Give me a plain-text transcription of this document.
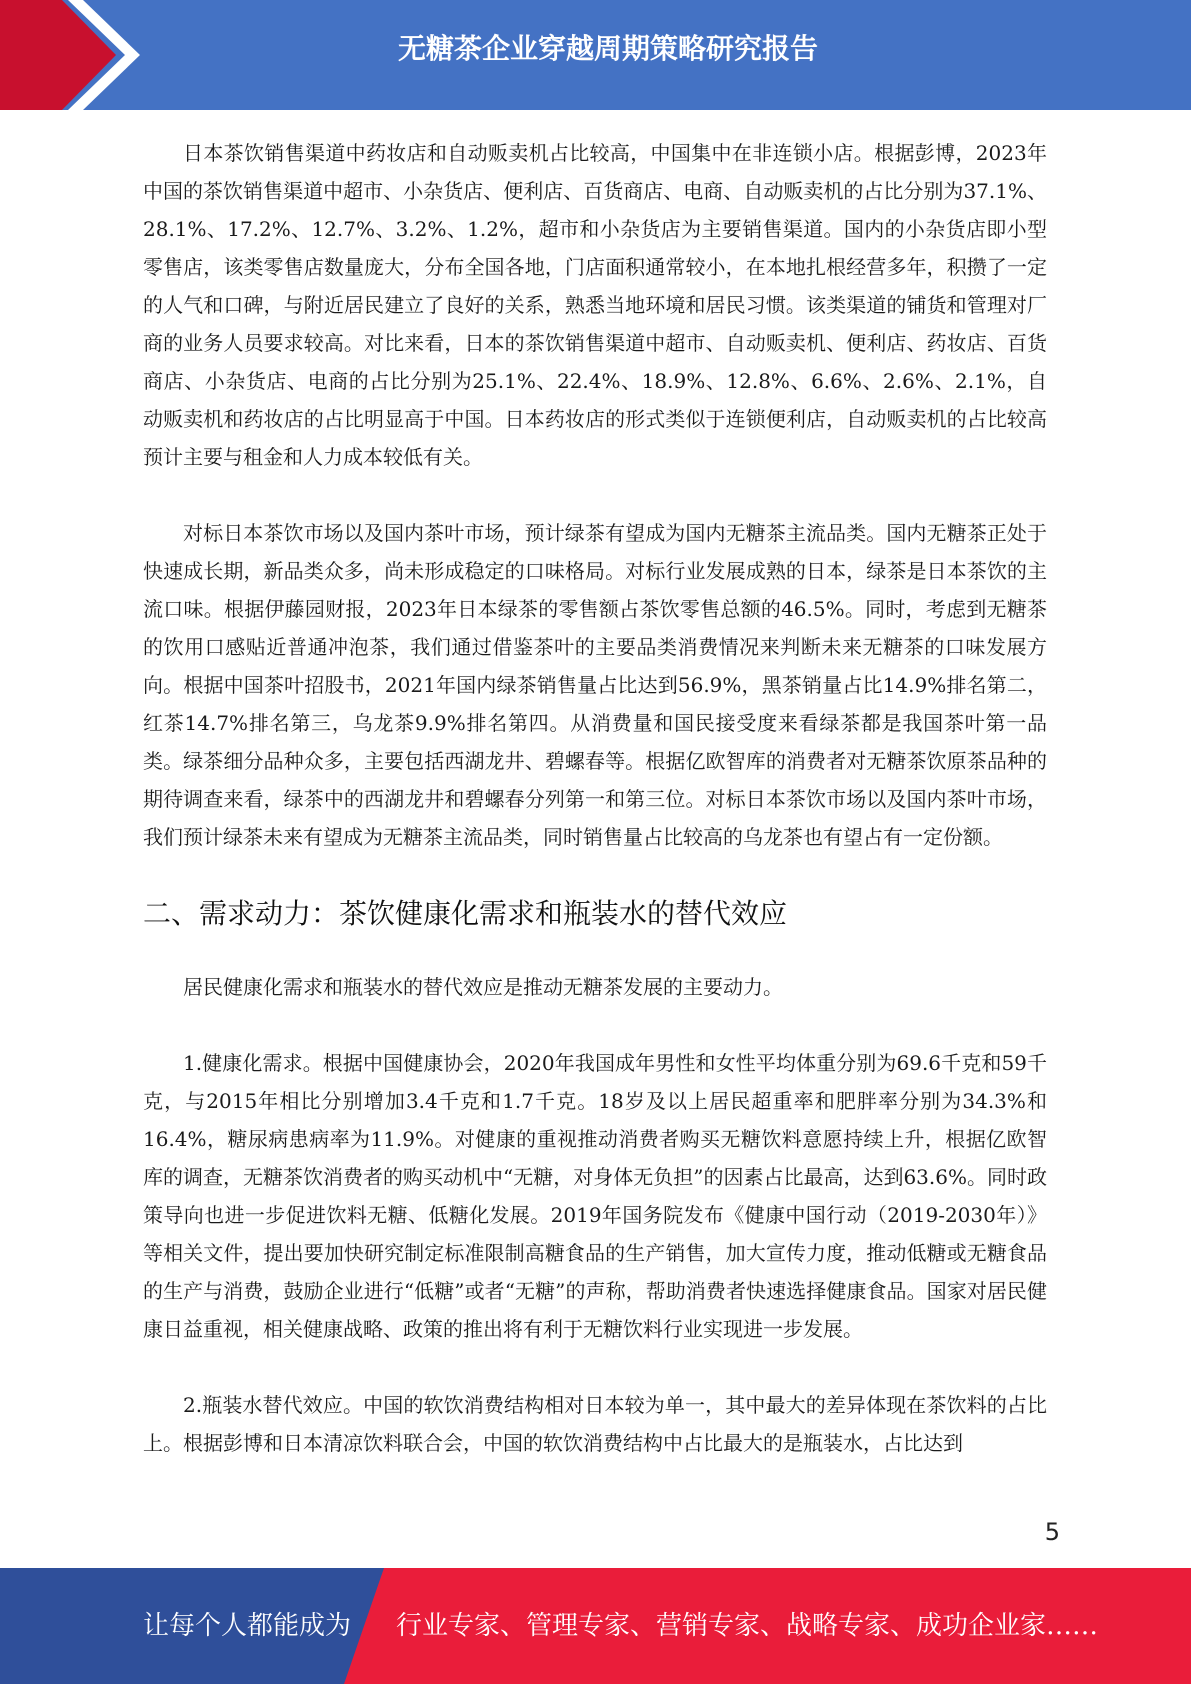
无糖茶企业穿越周期策略研究报告

日本茶饮销售渠道中药妆店和自动贩卖机占比较高，中国集中在非连锁小店。根据彭博，2023年中国的茶饮销售渠道中超市、小杂货店、便利店、百货商店、电商、自动贩卖机的占比分别为37.1%、28.1%、17.2%、12.7%、3.2%、1.2%，超市和小杂货店为主要销售渠道。国内的小杂货店即小型零售店，该类零售店数量庞大，分布全国各地，门店面积通常较小，在本地扎根经营多年，积攒了一定的人气和口碑，与附近居民建立了良好的关系，熟悉当地环境和居民习惯。该类渠道的铺货和管理对厂商的业务人员要求较高。对比来看，日本的茶饮销售渠道中超市、自动贩卖机、便利店、药妆店、百货商店、小杂货店、电商的占比分别为25.1%、22.4%、18.9%、12.8%、6.6%、2.6%、2.1%，自动贩卖机和药妆店的占比明显高于中国。日本药妆店的形式类似于连锁便利店，自动贩卖机的占比较高预计主要与租金和人力成本较低有关。

对标日本茶饮市场以及国内茶叶市场，预计绿茶有望成为国内无糖茶主流品类。国内无糖茶正处于快速成长期，新品类众多，尚未形成稳定的口味格局。对标行业发展成熟的日本，绿茶是日本茶饮的主流口味。根据伊藤园财报，2023年日本绿茶的零售额占茶饮零售总额的46.5%。同时，考虑到无糖茶的饮用口感贴近普通冲泡茶，我们通过借鉴茶叶的主要品类消费情况来判断未来无糖茶的口味发展方向。根据中国茶叶招股书，2021年国内绿茶销售量占比达到56.9%，黑茶销量占比14.9%排名第二，红茶14.7%排名第三，乌龙茶9.9%排名第四。从消费量和国民接受度来看绿茶都是我国茶叶第一品类。绿茶细分品种众多，主要包括西湖龙井、碧螺春等。根据亿欧智库的消费者对无糖茶饮原茶品种的期待调查来看，绿茶中的西湖龙井和碧螺春分列第一和第三位。对标日本茶饮市场以及国内茶叶市场，我们预计绿茶未来有望成为无糖茶主流品类，同时销售量占比较高的乌龙茶也有望占有一定份额。

二、需求动力：茶饮健康化需求和瓶装水的替代效应

居民健康化需求和瓶装水的替代效应是推动无糖茶发展的主要动力。

1.健康化需求。根据中国健康协会，2020年我国成年男性和女性平均体重分别为69.6千克和59千克，与2015年相比分别增加3.4千克和1.7千克。18岁及以上居民超重率和肥胖率分别为34.3%和16.4%，糖尿病患病率为11.9%。对健康的重视推动消费者购买无糖饮料意愿持续上升，根据亿欧智库的调查，无糖茶饮消费者的购买动机中“无糖，对身体无负担”的因素占比最高，达到63.6%。同时政策导向也进一步促进饮料无糖、低糖化发展。2019年国务院发布《健康中国行动（2019-2030年）》等相关文件，提出要加快研究制定标准限制高糖食品的生产销售，加大宣传力度，推动低糖或无糖食品的生产与消费，鼓励企业进行“低糖”或者“无糖”的声称，帮助消费者快速选择健康食品。国家对居民健康日益重视，相关健康战略、政策的推出将有利于无糖饮料行业实现进一步发展。

2.瓶装水替代效应。中国的软饮消费结构相对日本较为单一，其中最大的差异体现在茶饮料的占比上。根据彭博和日本清凉饮料联合会，中国的软饮消费结构中占比最大的是瓶装水，占比达到

5
让每个人都能成为 行业专家、管理专家、营销专家、战略专家、成功企业家……
